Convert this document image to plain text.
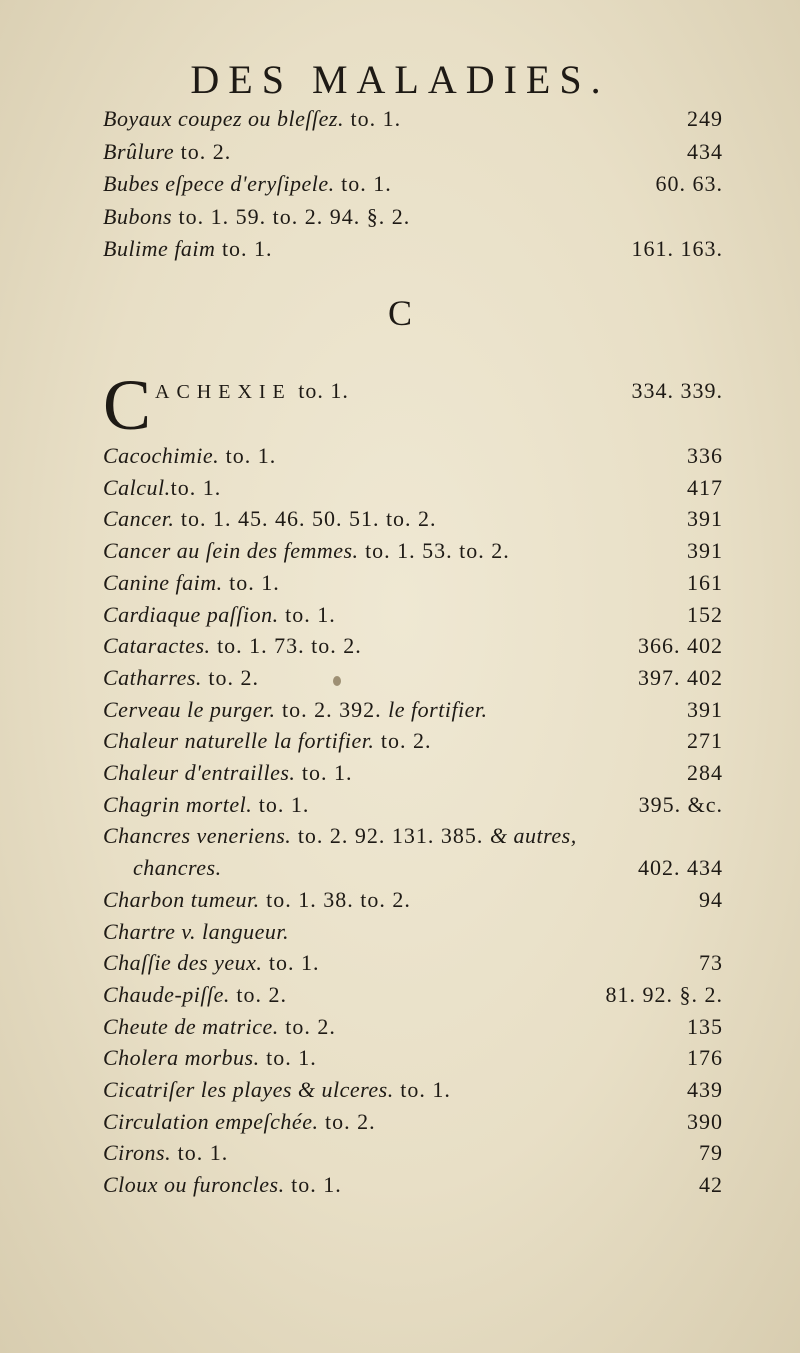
DES MALADIES.
Boyaux coupez ou bleſſez. to. 1.	249
Brûlure to. 2.	434
Bubes eſpece d'eryſipele. to. 1.	60. 63.
Bubons to. 1. 59. to. 2. 94. §. 2.
Bulime faim to. 1.	161. 163.
C
C ACHEXIE to. 1.	334. 339.
Cacochimie. to. 1.	336
Calcul.to. 1.	417
Cancer. to. 1. 45. 46. 50. 51. to. 2.	391
Cancer au ſein des femmes. to. 1. 53. to. 2.	391
Canine faim. to. 1.	161
Cardiaque paſſion. to. 1.	152
Cataractes. to. 1. 73. to. 2.	366. 402
Catharres. to. 2.	397. 402
Cerveau le purger. to. 2. 392. le fortifier.	391
Chaleur naturelle la fortifier. to. 2.	271
Chaleur d'entrailles. to. 1.	284
Chagrin mortel. to. 1.	395. &c.
Chancres veneriens. to. 2. 92. 131. 385. & autres,
chancres.	402. 434
Charbon tumeur. to. 1. 38. to. 2.	94
Chartre v. langueur.
Chaſſie des yeux. to. 1.	73
Chaude-piſſe. to. 2.	81. 92. §. 2.
Cheute de matrice. to. 2.	135
Cholera morbus. to. 1.	176
Cicatriſer les playes & ulceres. to. 1.	439
Circulation empeſchée. to. 2.	390
Cirons. to. 1.	79
Cloux ou furoncles. to. 1.	42
